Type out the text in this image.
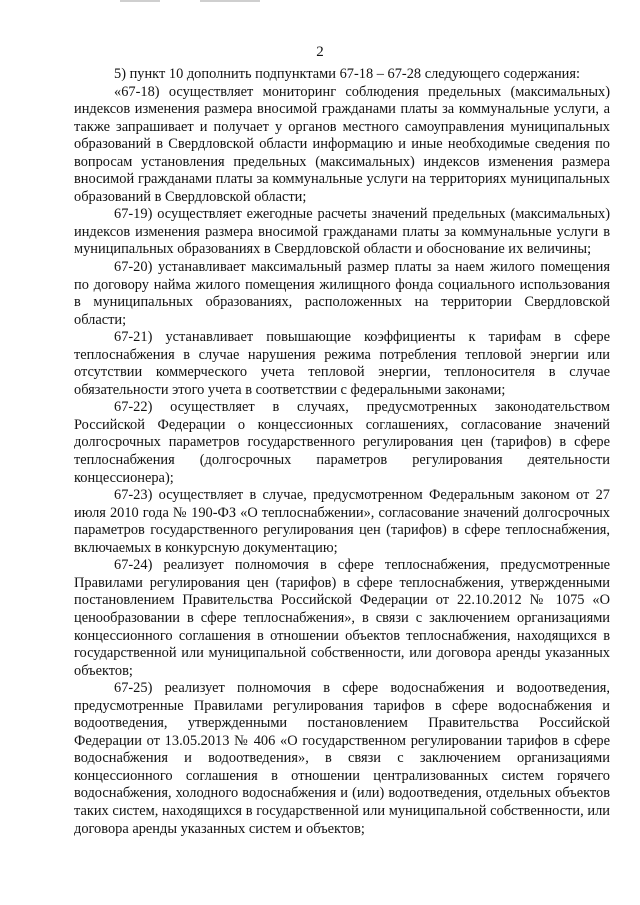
2

5) пункт 10 дополнить подпунктами 67-18 – 67-28 следующего содержания:

«67-18) осуществляет мониторинг соблюдения предельных (максимальных) индексов изменения размера вносимой гражданами платы за коммунальные услуги, а также запрашивает и получает у органов местного самоуправления муниципальных образований в Свердловской области информацию и иные необходимые сведения по вопросам установления предельных (максимальных) индексов изменения размера вносимой гражданами платы за коммунальные услуги на территориях муниципальных образований в Свердловской области;

67-19) осуществляет ежегодные расчеты значений предельных (максимальных) индексов изменения размера вносимой гражданами платы за коммунальные услуги в муниципальных образованиях в Свердловской области и обоснование их величины;

67-20) устанавливает максимальный размер платы за наем жилого помещения по договору найма жилого помещения жилищного фонда социального использования в муниципальных образованиях, расположенных на территории Свердловской области;

67-21) устанавливает повышающие коэффициенты к тарифам в сфере теплоснабжения в случае нарушения режима потребления тепловой энергии или отсутствии коммерческого учета тепловой энергии, теплоносителя в случае обязательности этого учета в соответствии с федеральными законами;

67-22) осуществляет в случаях, предусмотренных законодательством Российской Федерации о концессионных соглашениях, согласование значений долгосрочных параметров государственного регулирования цен (тарифов) в сфере теплоснабжения (долгосрочных параметров регулирования деятельности концессионера);

67-23) осуществляет в случае, предусмотренном Федеральным законом от 27 июля 2010 года № 190-ФЗ «О теплоснабжении», согласование значений долгосрочных параметров государственного регулирования цен (тарифов) в сфере теплоснабжения, включаемых в конкурсную документацию;

67-24) реализует полномочия в сфере теплоснабжения, предусмотренные Правилами регулирования цен (тарифов) в сфере теплоснабжения, утвержденными постановлением Правительства Российской Федерации от 22.10.2012 № 1075 «О ценообразовании в сфере теплоснабжения», в связи с заключением организациями концессионного соглашения в отношении объектов теплоснабжения, находящихся в государственной или муниципальной собственности, или договора аренды указанных объектов;

67-25) реализует полномочия в сфере водоснабжения и водоотведения, предусмотренные Правилами регулирования тарифов в сфере водоснабжения и водоотведения, утвержденными постановлением Правительства Российской Федерации от 13.05.2013 № 406 «О государственном регулировании тарифов в сфере водоснабжения и водоотведения», в связи с заключением организациями концессионного соглашения в отношении централизованных систем горячего водоснабжения, холодного водоснабжения и (или) водоотведения, отдельных объектов таких систем, находящихся в государственной или муниципальной собственности, или договора аренды указанных систем и объектов;
